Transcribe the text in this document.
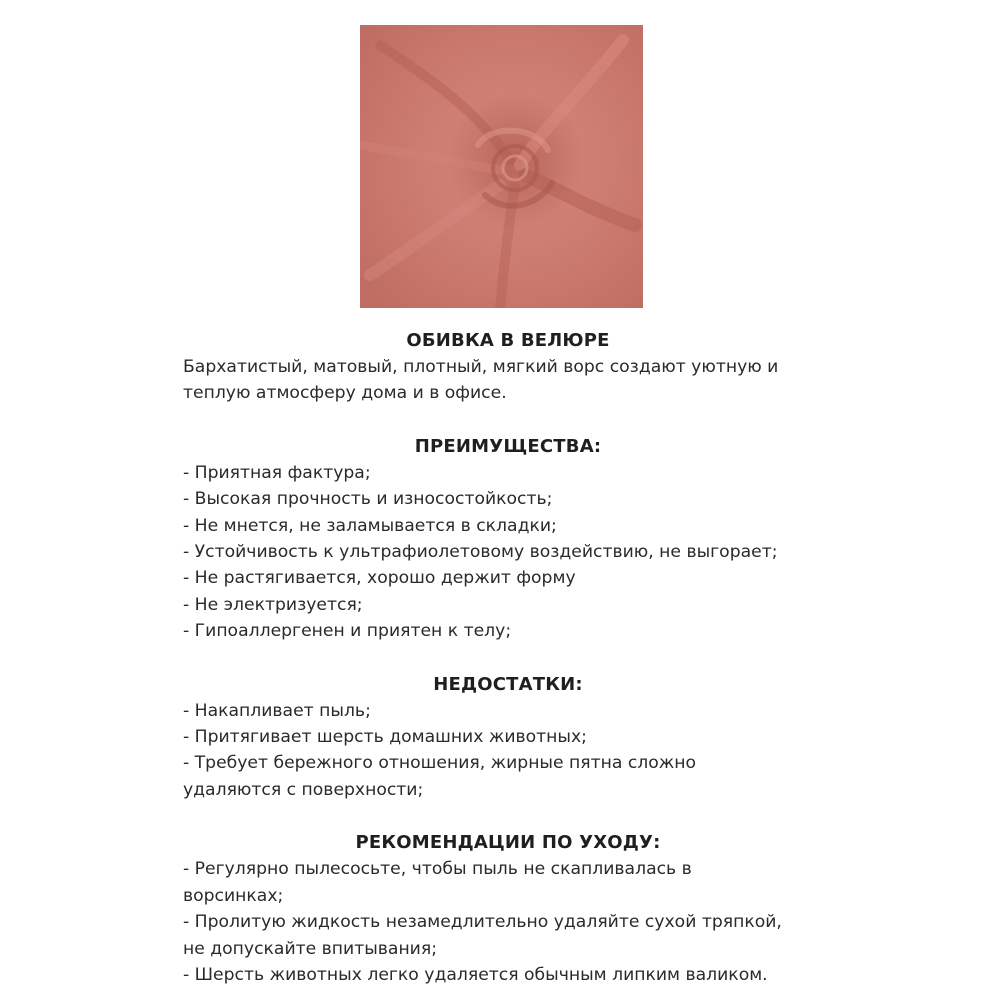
ОБИВКА В ВЕЛЮРЕ
Бархатистый, матовый, плотный, мягкий ворс создают уютную и
теплую атмосферу дома и в офисе.
ПРЕИМУЩЕСТВА:
- Приятная фактура;
- Высокая прочность и износостойкость;
- Не мнется, не заламывается в складки;
- Устойчивость к ультрафиолетовому воздействию, не выгорает;
- Не растягивается, хорошо держит форму
- Не электризуется;
- Гипоаллергенен и приятен к телу;
НЕДОСТАТКИ:
- Накапливает пыль;
- Притягивает шерсть домашних животных;
- Требует бережного отношения, жирные пятна сложно
удаляются с поверхности;
РЕКОМЕНДАЦИИ ПО УХОДУ:
- Регулярно пылесосьте, чтобы пыль не скапливалась в
ворсинках;
- Пролитую жидкость незамедлительно удаляйте сухой тряпкой,
не допускайте впитывания;
- Шерсть животных легко удаляется обычным липким валиком.
